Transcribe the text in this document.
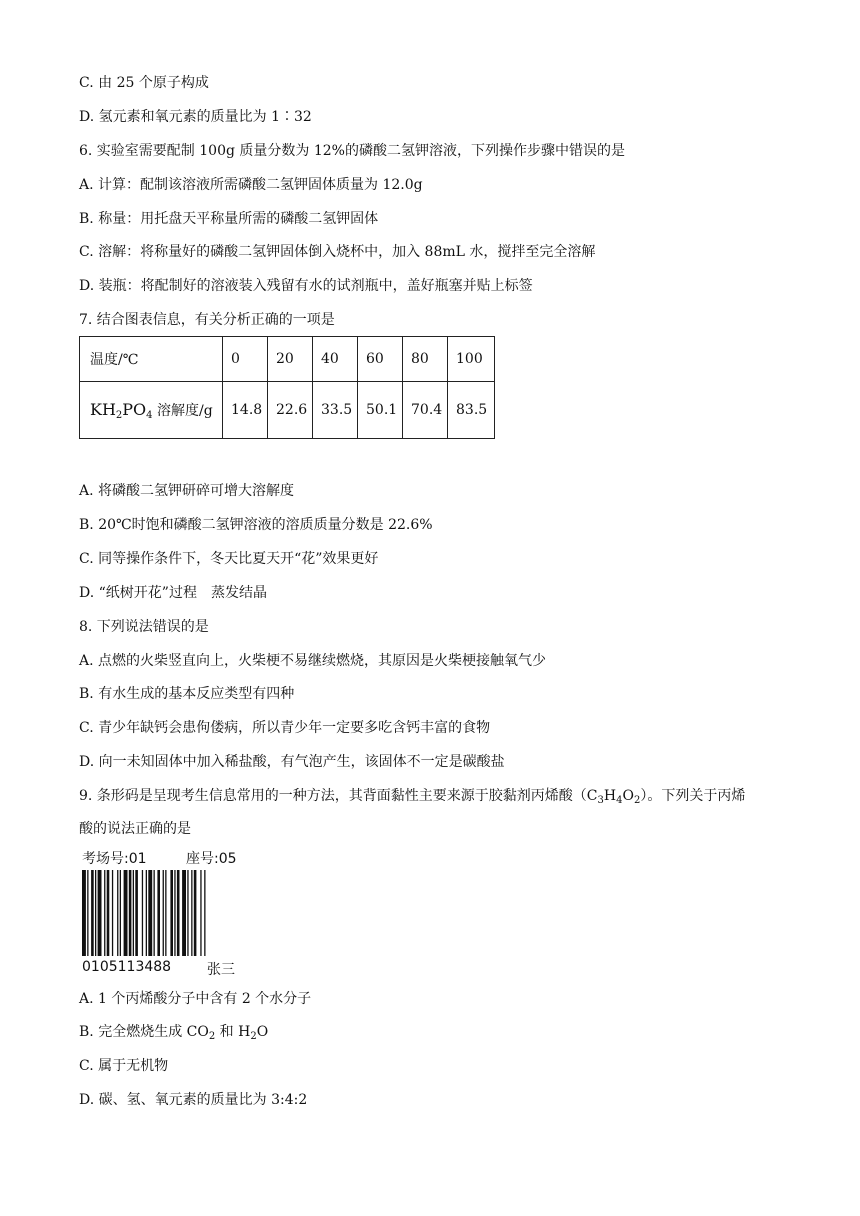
C. 由 25 个原子构成
D. 氢元素和氧元素的质量比为 1∶32
6. 实验室需要配制 100g 质量分数为 12%的磷酸二氢钾溶液，下列操作步骤中错误的是
A. 计算：配制该溶液所需磷酸二氢钾固体质量为 12.0g
B. 称量：用托盘天平称量所需的磷酸二氢钾固体
C. 溶解：将称量好的磷酸二氢钾固体倒入烧杯中，加入 88mL 水，搅拌至完全溶解
D. 装瓶：将配制好的溶液装入残留有水的试剂瓶中，盖好瓶塞并贴上标签
7. 结合图表信息，有关分析正确的一项是
温度/℃	0	20	40	60	80	100
$KH_2PO_4$ 溶解度/g	14.8	22.6	33.5	50.1	70.4	83.5
A. 将磷酸二氢钾研碎可增大溶解度
B. 20℃时饱和磷酸二氢钾溶液的溶质质量分数是 22.6%
C. 同等操作条件下，冬天比夏天开“花”效果更好
D. “纸树开花”过程　蒸发结晶
8. 下列说法错误的是
A. 点燃的火柴竖直向上，火柴梗不易继续燃烧，其原因是火柴梗接触氧气少
B. 有水生成的基本反应类型有四种
C. 青少年缺钙会患佝偻病，所以青少年一定要多吃含钙丰富的食物
D. 向一未知固体中加入稀盐酸，有气泡产生，该固体不一定是碳酸盐
9. 条形码是呈现考生信息常用的一种方法，其背面黏性主要来源于胶黏剂丙烯酸$(C_3H_4O_2)$。下列关于丙烯
酸的说法正确的是
考场号:01	座号:05
0105113488	张三
A. 1 个丙烯酸分子中含有 2 个水分子
B. 完全燃烧生成 $CO_2$ 和 $H_2O$
C. 属于无机物
D. 碳、氢、氧元素的质量比为 3:4:2
